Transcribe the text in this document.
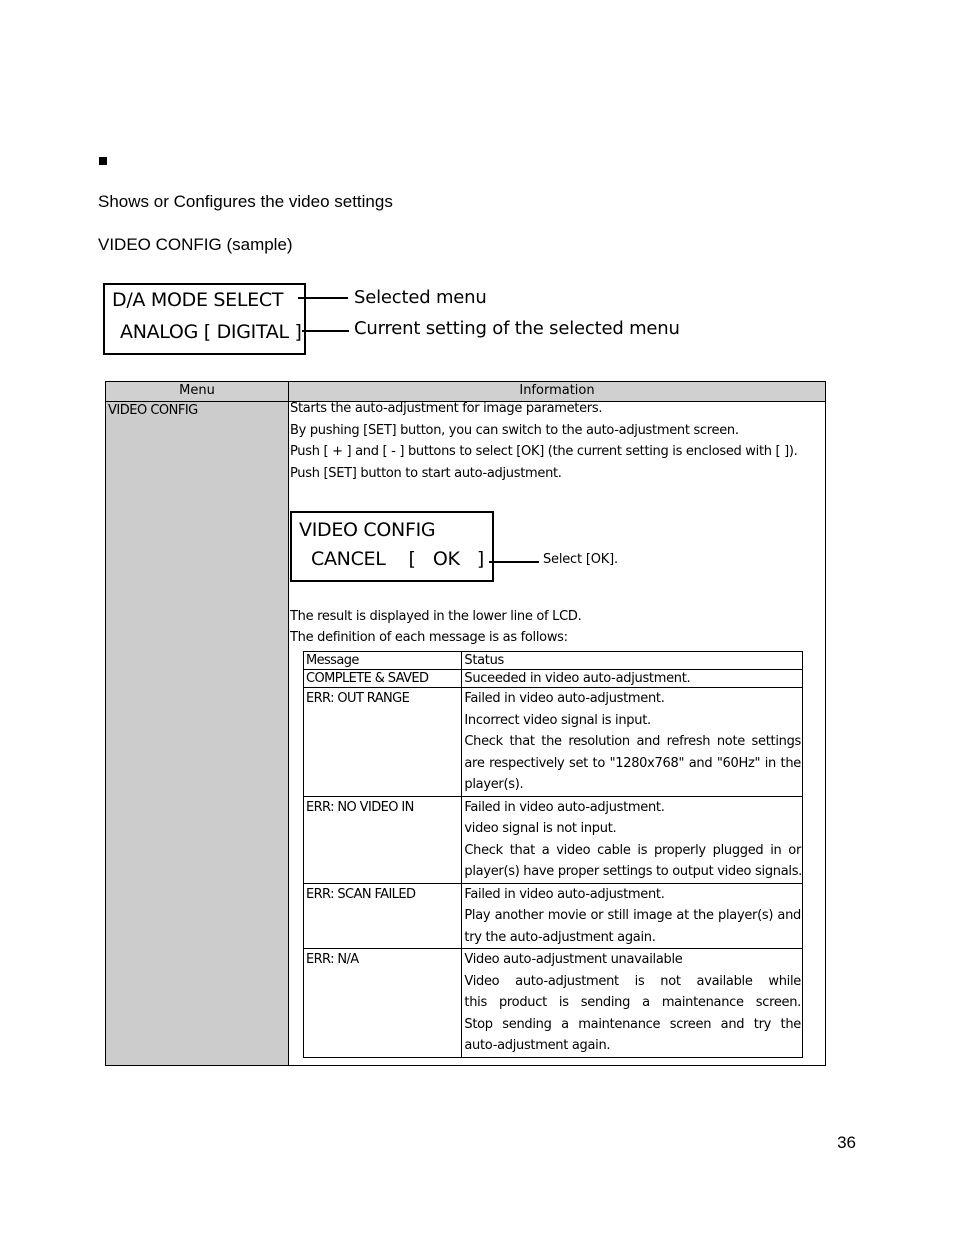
Shows or Configures the video settings
VIDEO CONFIG (sample)
D/A MODE SELECT
ANALOG [ DIGITAL ]
Selected menu
Current setting of the selected menu
Menu	Information
VIDEO CONFIG	Starts the auto-adjustment for image parameters.
By pushing [SET] button, you can switch to the auto-adjustment screen.
Push [ + ] and [ - ] buttons to select [OK] (the current setting is enclosed with [ ]).
Push [SET] button to start auto-adjustment.
VIDEO CONFIG
CANCEL    [   OK   ]	Select [OK].
The result is displayed in the lower line of LCD.
The definition of each message is as follows:
Message	Status
COMPLETE & SAVED	Suceeded in video auto-adjustment.

ERR: OUT RANGE	Failed in video auto-adjustment.
Incorrect video signal is input.
Check that the resolution and refresh note settings
are respectively set to "1280x768" and "60Hz" in the
player(s).

ERR: NO VIDEO IN	Failed in video auto-adjustment.
video signal is not input.
Check that a video cable is properly plugged in or
player(s) have proper settings to output video signals.

ERR: SCAN FAILED	Failed in video auto-adjustment.
Play another movie or still image at the player(s) and
try the auto-adjustment again.

ERR: N/A	Video auto-adjustment unavailable
Video auto-adjustment is not available while
this product is sending a maintenance screen.
Stop sending a maintenance screen and try the
auto-adjustment again.
36
